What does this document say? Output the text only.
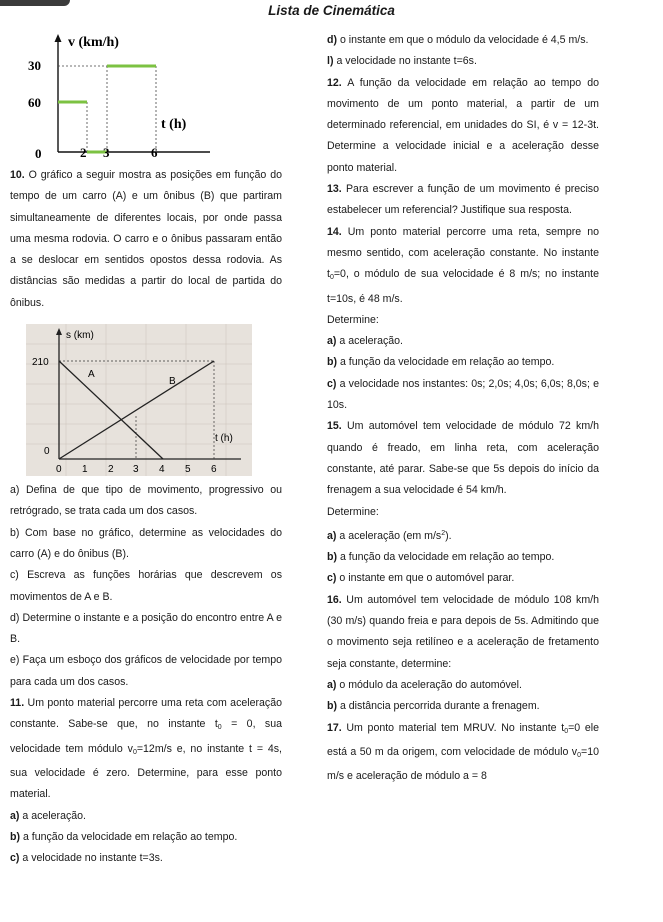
Lista de Cinemática
v (km/h)
30
60
t (h)
0	2 3	6
10. O gráfico a seguir mostra as posições em função do tempo de um carro (A) e um ônibus (B) que partiram simultaneamente de diferentes locais, por onde passa uma mesma rodovia. O carro e o ônibus passaram então a se deslocar em sentidos opostos dessa rodovia. As distâncias são medidas a partir do local de partida do ônibus.
s (km)
210
0
A
B
t (h)
0 1 2 3 4 5 6
a) Defina de que tipo de movimento, progressivo ou retrógrado, se trata cada um dos casos.
b) Com base no gráfico, determine as velocidades do carro (A) e do ônibus (B).
c) Escreva as funções horárias que descrevem os movimentos de A e B.
d) Determine o instante e a posição do encontro entre A e B.
e) Faça um esboço dos gráficos de velocidade por tempo para cada um dos casos.
11. Um ponto material percorre uma reta com aceleração constante. Sabe-se que, no instante $t_0 = 0$, sua velocidade tem módulo $v_0=12m/s$ e, no instante t = 4s, sua velocidade é zero. Determine, para esse ponto material.
a) a aceleração.
b) a função da velocidade em relação ao tempo.
c) a velocidade no instante t=3s.
d) o instante em que o módulo da velocidade é 4,5 m/s.
l) a velocidade no instante t=6s.
12. A função da velocidade em relação ao tempo do movimento de um ponto material, a partir de um determinado referencial, em unidades do SI, é v = 12-3t. Determine a velocidade inicial e a aceleração desse ponto material.
13. Para escrever a função de um movimento é preciso estabelecer um referencial? Justifique sua resposta.
14. Um ponto material percorre uma reta, sempre no mesmo sentido, com aceleração constante. No instante $t_0=0$, o módulo de sua velocidade é 8 m/s; no instante t=10s, é 48 m/s.
Determine:
a) a aceleração.
b) a função da velocidade em relação ao tempo.
c) a velocidade nos instantes: 0s; 2,0s; 4,0s; 6,0s; 8,0s; e 10s.
15. Um automóvel tem velocidade de módulo 72 km/h quando é freado, em linha reta, com aceleração constante, até parar. Sabe-se que 5s depois do início da frenagem a sua velocidade é 54 km/h.
Determine:
a) a aceleração (em $m/s^2$).
b) a função da velocidade em relação ao tempo.
c) o instante em que o automóvel parar.
16. Um automóvel tem velocidade de módulo 108 km/h (30 m/s) quando freia e para depois de 5s. Admitindo que o movimento seja retilíneo e a aceleração de fretamento seja constante, determine:
a) o módulo da aceleração do automóvel.
b) a distância percorrida durante a frenagem.
17. Um ponto material tem MRUV. No instante $t_0=0$ ele está a 50 m da origem, com velocidade de módulo $v_0=10$ m/s e aceleração de módulo a = 8
